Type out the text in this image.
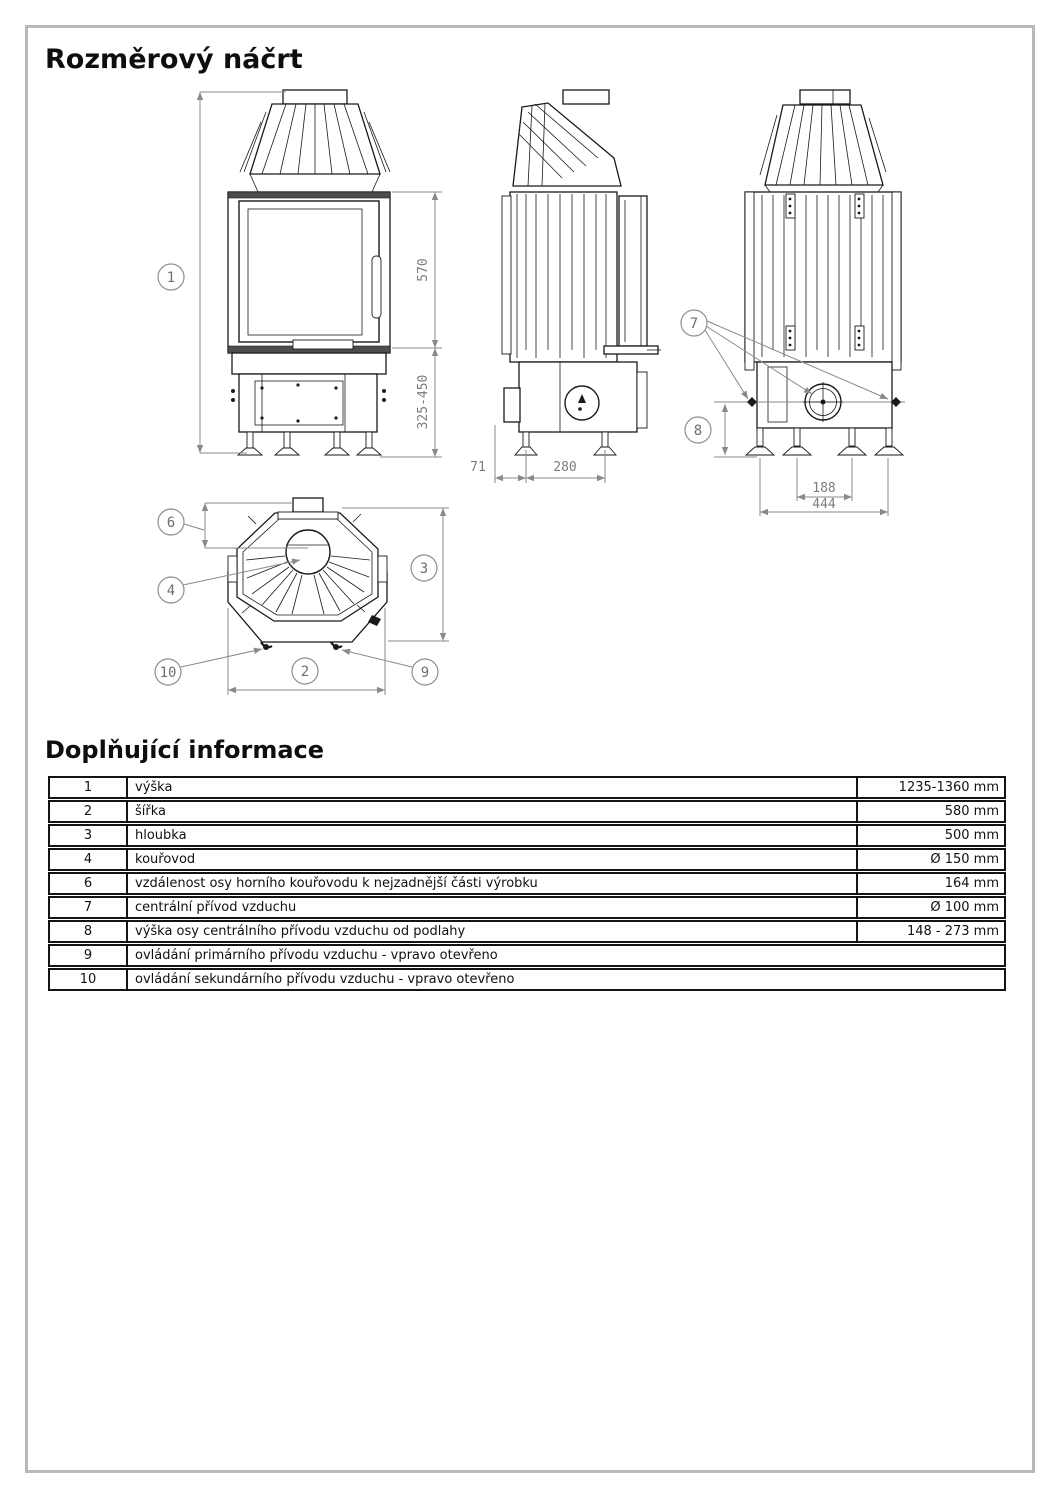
Rozměrový náčrt
570
325-450
1
71	280
7
8
188
444
6
4
3
2
10	9
Doplňující informace
1	výška	1235-1360 mm
2	šířka	580 mm
3	hloubka	500 mm
4	kouřovod	Ø 150 mm
6	vzdálenost osy horního kouřovodu k nejzadnější části výrobku	164 mm
7	centrální přívod vzduchu	Ø 100 mm
8	výška osy centrálního přívodu vzduchu od podlahy	148 - 273 mm
9	ovládání primárního přívodu vzduchu - vpravo otevřeno
10	ovládání sekundárního přívodu vzduchu - vpravo otevřeno
